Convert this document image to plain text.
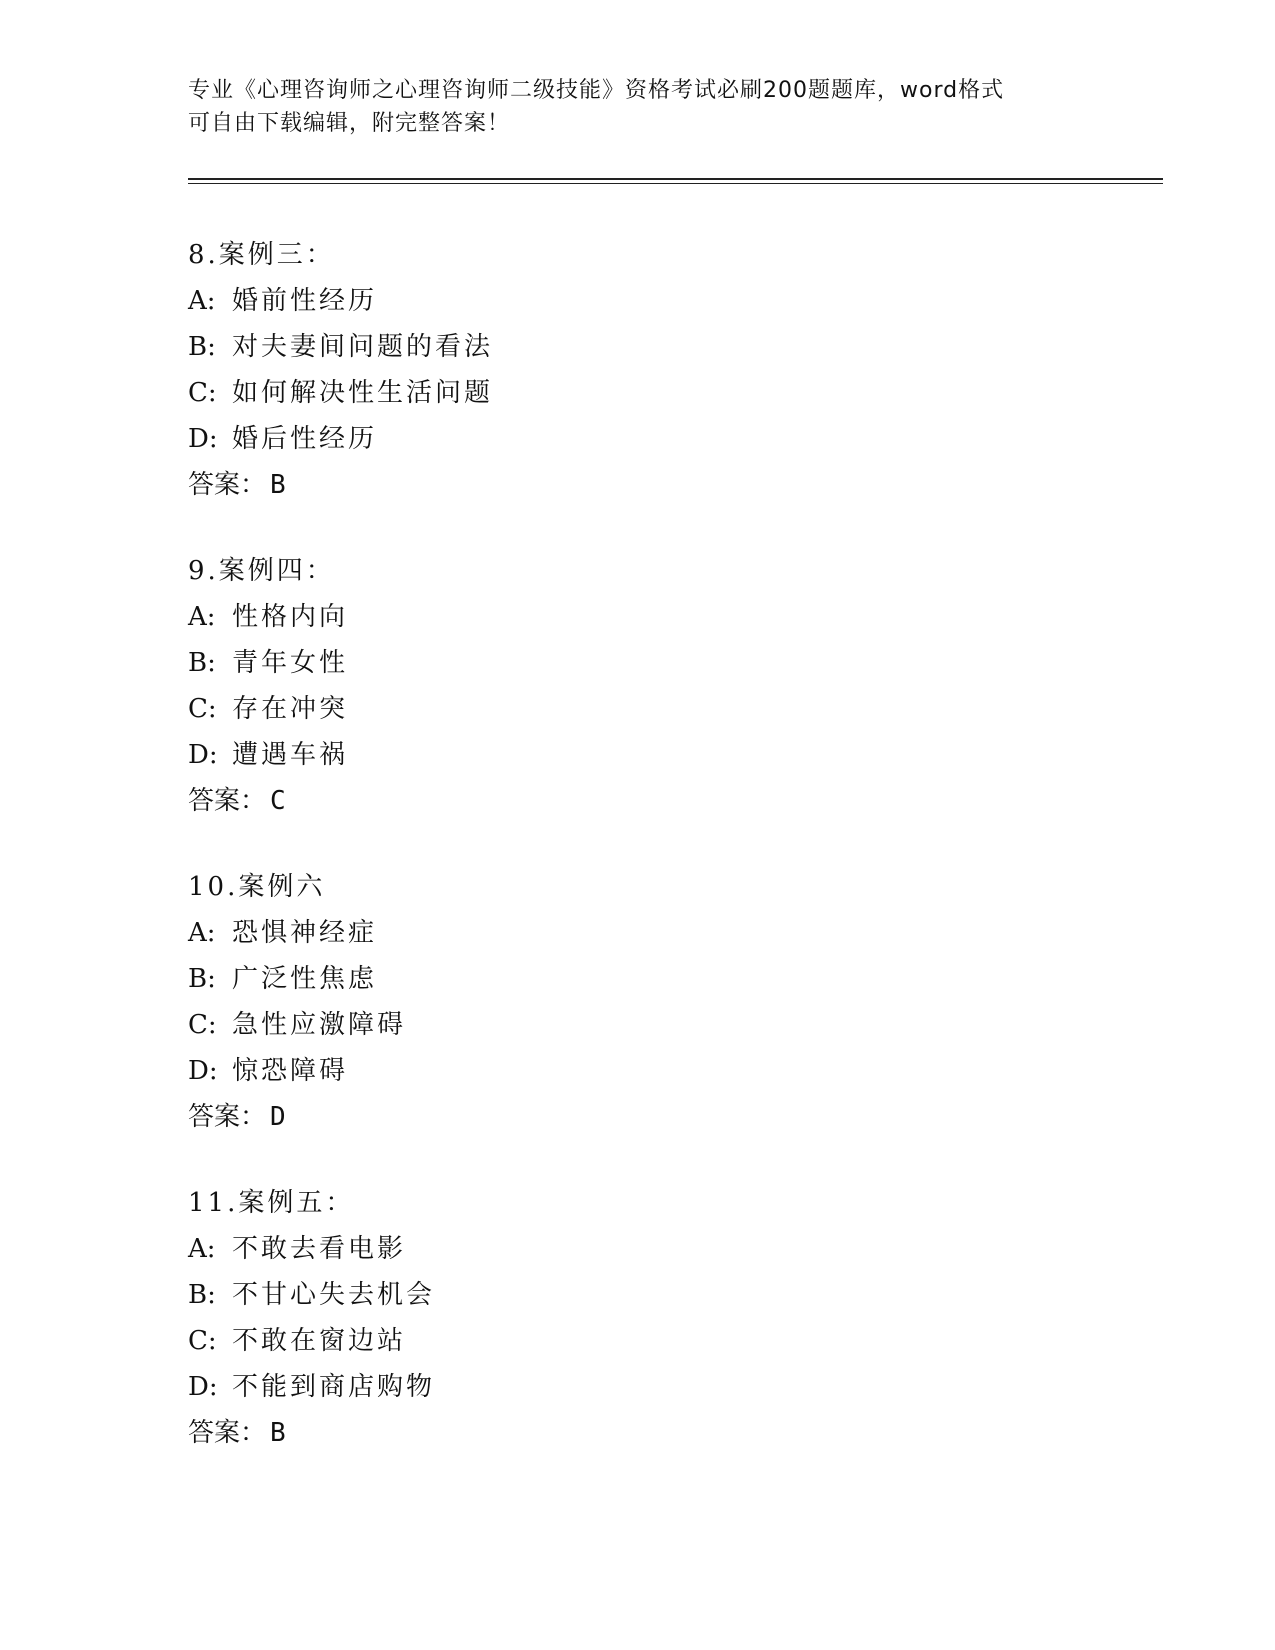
专业《心理咨询师之心理咨询师二级技能》资格考试必刷200题题库，word格式
可自由下载编辑，附完整答案！
8.案例三：
A: 婚前性经历
B: 对夫妻间问题的看法
C: 如何解决性生活问题
D: 婚后性经历
答案： B
9.案例四：
A: 性格内向
B: 青年女性
C: 存在冲突
D: 遭遇车祸
答案： C
10.案例六
A: 恐惧神经症
B: 广泛性焦虑
C: 急性应激障碍
D: 惊恐障碍
答案： D
11.案例五：
A: 不敢去看电影
B: 不甘心失去机会
C: 不敢在窗边站
D: 不能到商店购物
答案： B
